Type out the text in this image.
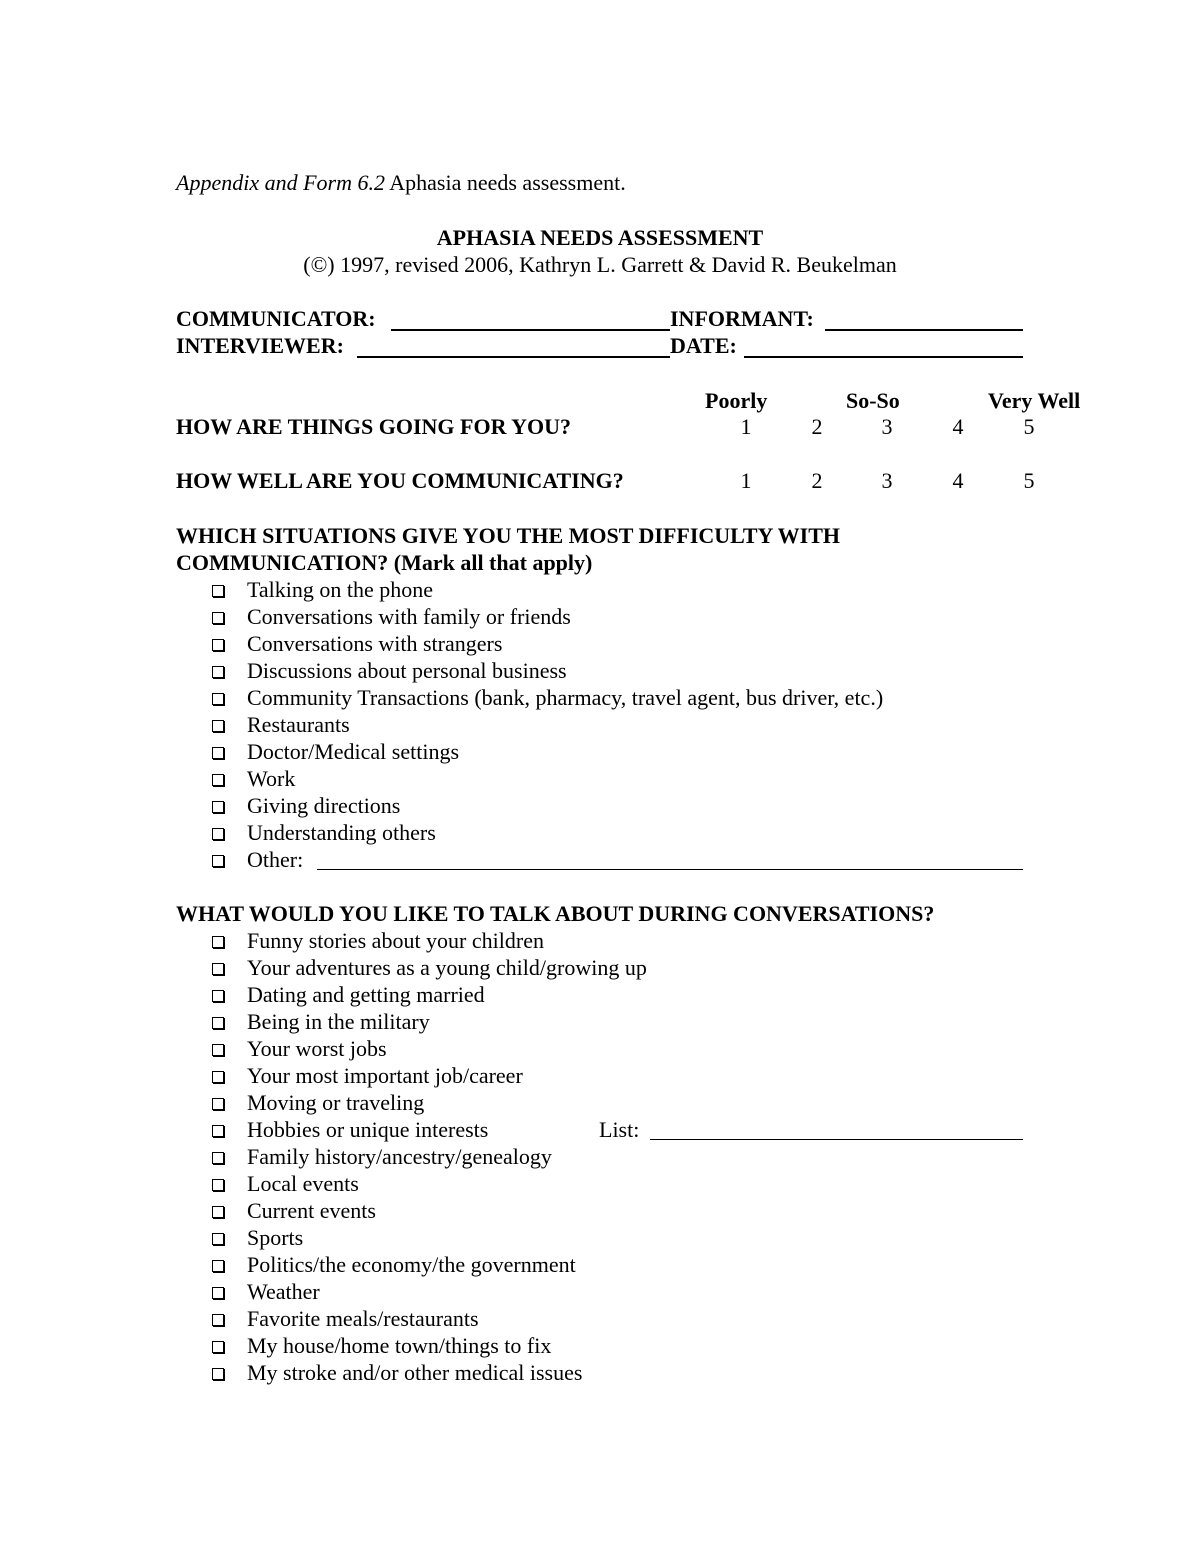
Appendix and Form 6.2 Aphasia needs assessment.
APHASIA NEEDS ASSESSMENT
(©) 1997, revised 2006, Kathryn L. Garrett & David R. Beukelman
COMMUNICATOR:	INFORMANT:
INTERVIEWER:	DATE:
Poorly	So-So	Very Well
HOW ARE THINGS GOING FOR YOU?	1	2	3	4	5
HOW WELL ARE YOU COMMUNICATING?	1	2	3	4	5
WHICH SITUATIONS GIVE YOU THE MOST DIFFICULTY WITH
COMMUNICATION? (Mark all that apply)
Talking on the phone
Conversations with family or friends
Conversations with strangers
Discussions about personal business
Community Transactions (bank, pharmacy, travel agent, bus driver, etc.)
Restaurants
Doctor/Medical settings
Work
Giving directions
Understanding others
Other:
WHAT WOULD YOU LIKE TO TALK ABOUT DURING CONVERSATIONS?
Funny stories about your children
Your adventures as a young child/growing up
Dating and getting married
Being in the military
Your worst jobs
Your most important job/career
Moving or traveling
Hobbies or unique interests	List:
Family history/ancestry/genealogy
Local events
Current events
Sports
Politics/the economy/the government
Weather
Favorite meals/restaurants
My house/home town/things to fix
My stroke and/or other medical issues
